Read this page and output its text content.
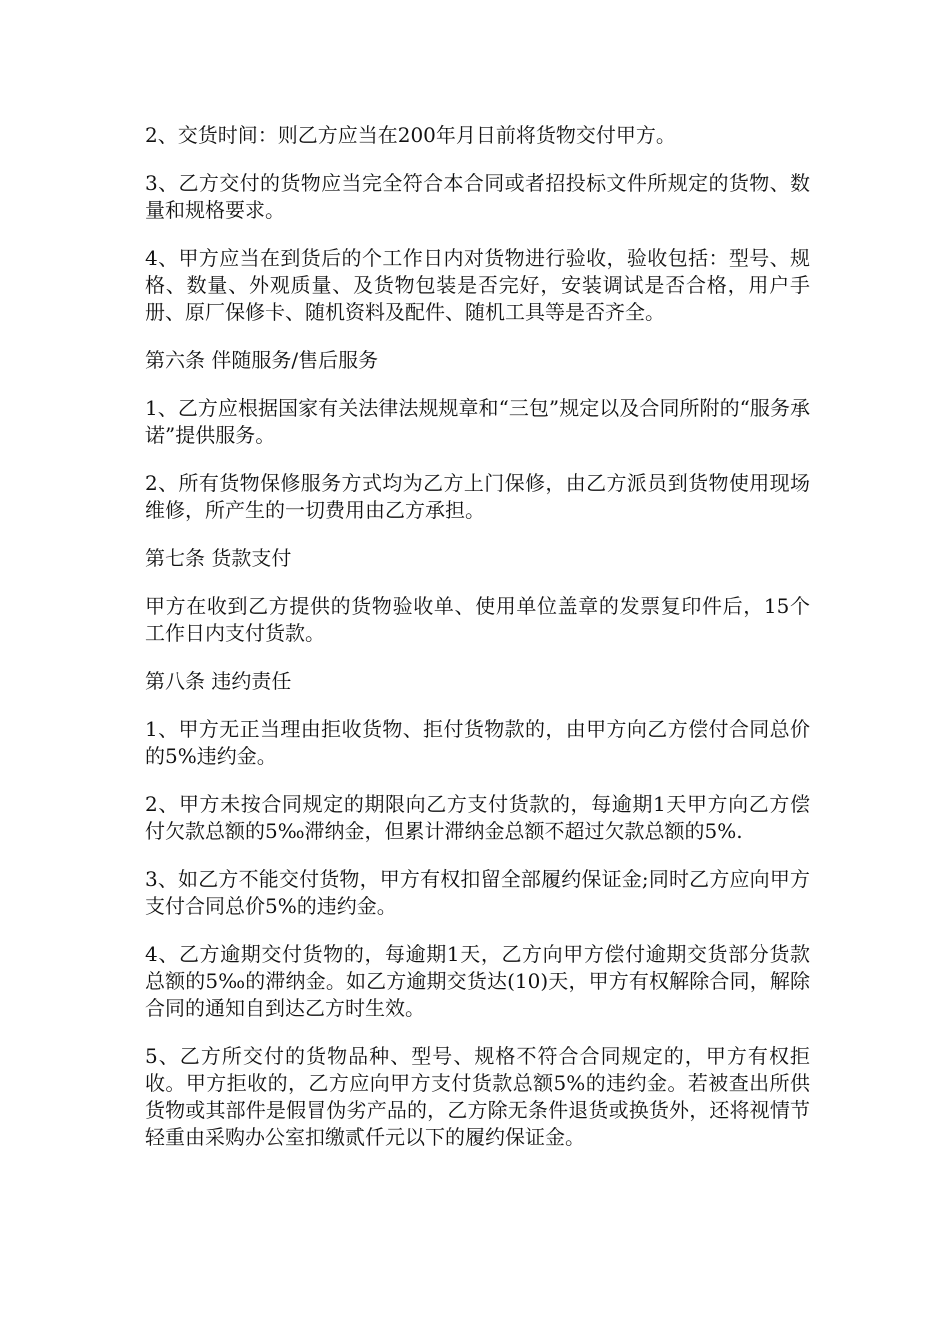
2、交货时间：则乙方应当在200年月日前将货物交付甲方。

3、乙方交付的货物应当完全符合本合同或者招投标文件所规定的货物、数量和规格要求。

4、甲方应当在到货后的个工作日内对货物进行验收，验收包括：型号、规格、数量、外观质量、及货物包装是否完好，安装调试是否合格，用户手册、原厂保修卡、随机资料及配件、随机工具等是否齐全。

第六条 伴随服务/售后服务

1、乙方应根据国家有关法律法规规章和“三包”规定以及合同所附的“服务承诺”提供服务。

2、所有货物保修服务方式均为乙方上门保修，由乙方派员到货物使用现场维修，所产生的一切费用由乙方承担。

第七条 货款支付

甲方在收到乙方提供的货物验收单、使用单位盖章的发票复印件后，15个工作日内支付货款。

第八条 违约责任

1、甲方无正当理由拒收货物、拒付货物款的，由甲方向乙方偿付合同总价的5%违约金。

2、甲方未按合同规定的期限向乙方支付货款的，每逾期1天甲方向乙方偿付欠款总额的5‰滞纳金，但累计滞纳金总额不超过欠款总额的5%.

3、如乙方不能交付货物，甲方有权扣留全部履约保证金;同时乙方应向甲方支付合同总价5%的违约金。

4、乙方逾期交付货物的，每逾期1天，乙方向甲方偿付逾期交货部分货款总额的5‰的滞纳金。如乙方逾期交货达(10)天，甲方有权解除合同，解除合同的通知自到达乙方时生效。

5、乙方所交付的货物品种、型号、规格不符合合同规定的，甲方有权拒收。甲方拒收的，乙方应向甲方支付货款总额5%的违约金。若被查出所供货物或其部件是假冒伪劣产品的，乙方除无条件退货或换货外，还将视情节轻重由采购办公室扣缴贰仟元以下的履约保证金。
